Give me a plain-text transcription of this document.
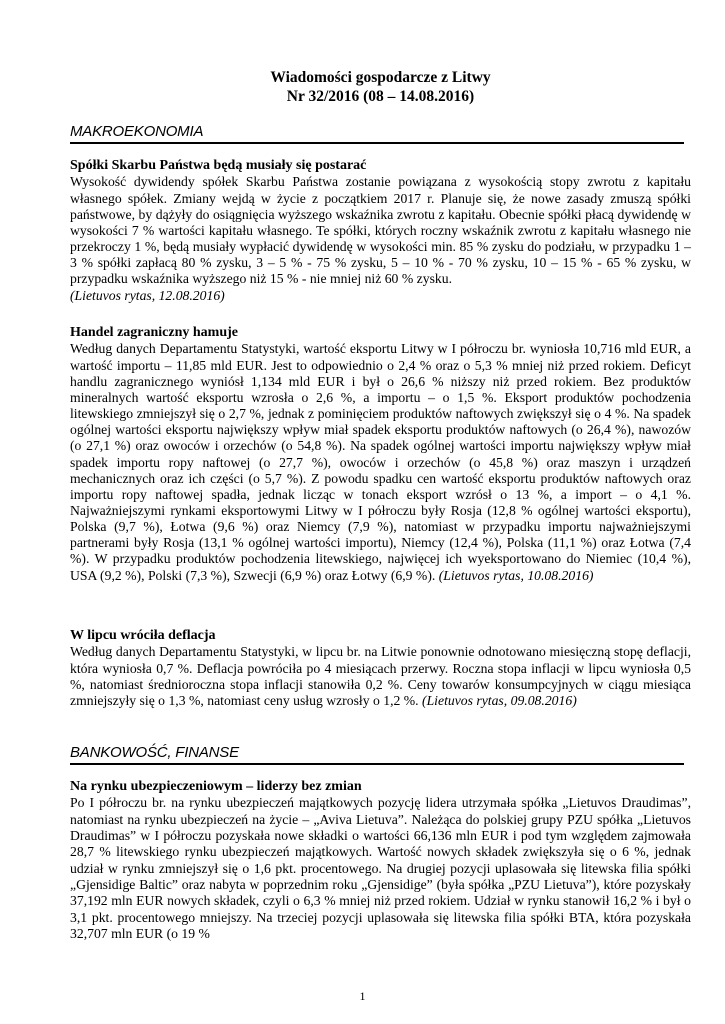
Wiadomości gospodarcze z Litwy
Nr 32/2016 (08 – 14.08.2016)
MAKROEKONOMIA
Spółki Skarbu Państwa będą musiały się postarać
Wysokość dywidendy spółek Skarbu Państwa zostanie powiązana z wysokością stopy zwrotu z kapitału własnego spółek. Zmiany wejdą w życie z początkiem 2017 r. Planuje się, że nowe zasady zmuszą spółki państwowe, by dążyły do osiągnięcia wyższego wskaźnika zwrotu z kapitału. Obecnie spółki płacą dywidendę w wysokości 7 % wartości kapitału własnego. Te spółki, których roczny wskaźnik zwrotu z kapitału własnego nie przekroczy 1 %, będą musiały wypłacić dywidendę w wysokości min. 85 % zysku do podziału, w przypadku 1 – 3 % spółki zapłacą 80 % zysku, 3 – 5 % - 75 % zysku, 5 – 10 % - 70 % zysku, 10 – 15 % - 65 % zysku, w przypadku wskaźnika wyższego niż 15 % - nie mniej niż 60 % zysku.
(Lietuvos rytas, 12.08.2016)
Handel zagraniczny hamuje
Według danych Departamentu Statystyki, wartość eksportu Litwy w I półroczu br. wyniosła 10,716 mld EUR, a wartość importu – 11,85 mld EUR. Jest to odpowiednio o 2,4 % oraz o 5,3 % mniej niż przed rokiem. Deficyt handlu zagranicznego wyniósł 1,134 mld EUR i był o 26,6 % niższy niż przed rokiem. Bez produktów mineralnych wartość eksportu wzrosła o 2,6 %, a importu – o 1,5 %. Eksport produktów pochodzenia litewskiego zmniejszył się o 2,7 %, jednak z pominięciem produktów naftowych zwiększył się o 4 %. Na spadek ogólnej wartości eksportu największy wpływ miał spadek eksportu produktów naftowych (o 26,4 %), nawozów (o 27,1 %) oraz owoców i orzechów (o 54,8 %). Na spadek ogólnej wartości importu największy wpływ miał spadek importu ropy naftowej (o 27,7 %), owoców i orzechów (o 45,8 %) oraz maszyn i urządzeń mechanicznych oraz ich części (o 5,7 %). Z powodu spadku cen wartość eksportu produktów naftowych oraz importu ropy naftowej spadła, jednak licząc w tonach eksport wzrósł o 13 %, a import – o 4,1 %. Najważniejszymi rynkami eksportowymi Litwy w I półroczu były Rosja (12,8 % ogólnej wartości eksportu), Polska (9,7 %), Łotwa (9,6 %) oraz Niemcy (7,9 %), natomiast w przypadku importu najważniejszymi partnerami były Rosja (13,1 % ogólnej wartości importu), Niemcy (12,4 %), Polska (11,1 %) oraz Łotwa (7,4 %). W przypadku produktów pochodzenia litewskiego, najwięcej ich wyeksportowano do Niemiec (10,4 %), USA (9,2 %), Polski (7,3 %), Szwecji (6,9 %) oraz Łotwy (6,9 %). (Lietuvos rytas, 10.08.2016)
W lipcu wróciła deflacja
Według danych Departamentu Statystyki, w lipcu br. na Litwie ponownie odnotowano miesięczną stopę deflacji, która wyniosła 0,7 %. Deflacja powróciła po 4 miesiącach przerwy. Roczna stopa inflacji w lipcu wyniosła 0,5 %, natomiast średnioroczna stopa inflacji stanowiła 0,2 %. Ceny towarów konsumpcyjnych w ciągu miesiąca zmniejszyły się o 1,3 %, natomiast ceny usług wzrosły o 1,2 %. (Lietuvos rytas, 09.08.2016)
BANKOWOŚĆ, FINANSE
Na rynku ubezpieczeniowym – liderzy bez zmian
Po I półroczu br. na rynku ubezpieczeń majątkowych pozycję lidera utrzymała spółka „Lietuvos Draudimas”, natomiast na rynku ubezpieczeń na życie – „Aviva Lietuva”. Należąca do polskiej grupy PZU spółka „Lietuvos Draudimas” w I półroczu pozyskała nowe składki o wartości 66,136 mln EUR i pod tym względem zajmowała 28,7 % litewskiego rynku ubezpieczeń majątkowych. Wartość nowych składek zwiększyła się o 6 %, jednak udział w rynku zmniejszył się o 1,6 pkt. procentowego. Na drugiej pozycji uplasowała się litewska filia spółki „Gjensidige Baltic” oraz nabyta w poprzednim roku „Gjensidige” (była spółka „PZU Lietuva”), które pozyskały 37,192 mln EUR nowych składek, czyli o 6,3 % mniej niż przed rokiem. Udział w rynku stanowił 16,2 % i był o 3,1 pkt. procentowego mniejszy. Na trzeciej pozycji uplasowała się litewska filia spółki BTA, która pozyskała 32,707 mln EUR (o 19 %
1
